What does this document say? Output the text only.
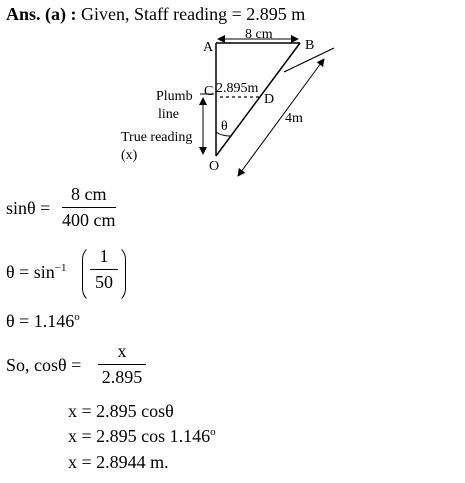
Ans. (a) : Given, Staff reading = 2.895 m
A	B
C
D
O
8 cm
2.895m
4m
θ
Plumb
line
True reading
(x)
sinθ =
8 cm
400 cm
$\theta = \sin^{-1}$
1
50
$\theta = 1.146^o$
So, cosθ =
x
2.895
x = 2.895 cosθ
x = 2.895 cos 1.146$^o$
x = 2.8944 m.
